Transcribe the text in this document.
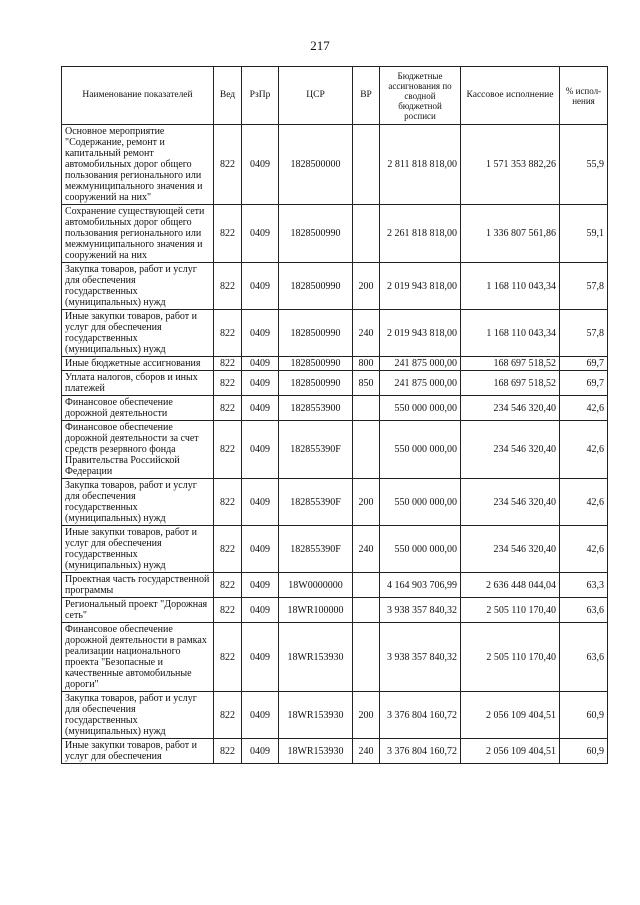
217
Наименование показателей	Вед	РзПр	ЦСР	ВР	Бюджетные ассигнования по сводной бюджетной росписи	Кассовое исполнение	% испол-нения
Основное мероприятие "Содержание, ремонт и капитальный ремонт автомобильных дорог общего пользования регионального или межмуниципального значения и сооружений на них"	822	0409	1828500000		2 811 818 818,00	1 571 353 882,26	55,9
Сохранение существующей сети автомобильных дорог общего пользования регионального или межмуниципального значения и сооружений на них	822	0409	1828500990		2 261 818 818,00	1 336 807 561,86	59,1
Закупка товаров, работ и услуг для обеспечения государственных (муниципальных) нужд	822	0409	1828500990	200	2 019 943 818,00	1 168 110 043,34	57,8
Иные закупки товаров, работ и услуг для обеспечения государственных (муниципальных) нужд	822	0409	1828500990	240	2 019 943 818,00	1 168 110 043,34	57,8
Иные бюджетные ассигнования	822	0409	1828500990	800	241 875 000,00	168 697 518,52	69,7
Уплата налогов, сборов и иных платежей	822	0409	1828500990	850	241 875 000,00	168 697 518,52	69,7
Финансовое обеспечение дорожной деятельности	822	0409	1828553900		550 000 000,00	234 546 320,40	42,6
Финансовое обеспечение дорожной деятельности за счет средств резервного фонда Правительства Российской Федерации	822	0409	182855390F		550 000 000,00	234 546 320,40	42,6
Закупка товаров, работ и услуг для обеспечения государственных (муниципальных) нужд	822	0409	182855390F	200	550 000 000,00	234 546 320,40	42,6
Иные закупки товаров, работ и услуг для обеспечения государственных (муниципальных) нужд	822	0409	182855390F	240	550 000 000,00	234 546 320,40	42,6
Проектная часть государственной программы	822	0409	18W0000000		4 164 903 706,99	2 636 448 044,04	63,3
Региональный проект "Дорожная сеть"	822	0409	18WR100000		3 938 357 840,32	2 505 110 170,40	63,6
Финансовое обеспечение дорожной деятельности в рамках реализации национального проекта "Безопасные и качественные автомобильные дороги"	822	0409	18WR153930		3 938 357 840,32	2 505 110 170,40	63,6
Закупка товаров, работ и услуг для обеспечения государственных (муниципальных) нужд	822	0409	18WR153930	200	3 376 804 160,72	2 056 109 404,51	60,9
Иные закупки товаров, работ и услуг для обеспечения	822	0409	18WR153930	240	3 376 804 160,72	2 056 109 404,51	60,9
